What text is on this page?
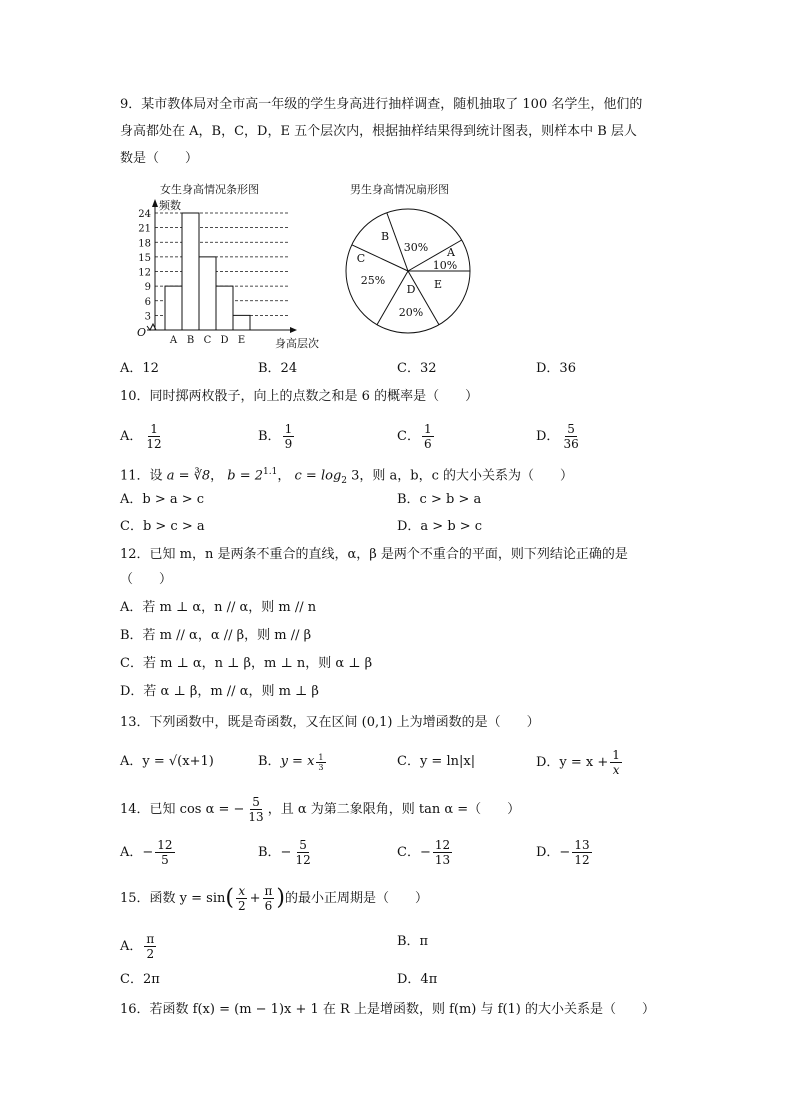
9．某市教体局对全市高一年级的学生身高进行抽样调查，随机抽取了 100 名学生，他们的
身高都处在 A，B，C，D，E 五个层次内，根据抽样结果得到统计图表，则样本中 B 层人
数是（　　）
女生身高情况条形图
O
频数
3
6
9
12
15
18
21
24
A B C D E	身高层次
男生身高情况扇形图
B
30% A
10%
C
25%
D E
20%
A．12	B．24	C．32	D．36
10．同时掷两枚骰子，向上的点数之和是 6 的概率是（　　）
A． $\frac{1}{12}$	B． $\frac{1}{9}$	C． $\frac{1}{6}$	D． $\frac{5}{36}$
11．设 a = ∛8， $b = 2^{1.1}$， $c = \log_2 3$，则 a，b，c 的大小关系为（　　）
A．b > a > c	B．c > b > a
C．b > c > a	D．a > b > c
12．已知 m，n 是两条不重合的直线，α，β 是两个不重合的平面，则下列结论正确的是
（　　）
A．若 m ⊥ α，n // α，则 m // n
B．若 m // α，α // β，则 m // β
C．若 m ⊥ α，n ⊥ β，m ⊥ n，则 α ⊥ β
D．若 α ⊥ β，m // α，则 m ⊥ β
13．下列函数中，既是奇函数，又在区间 (0,1) 上为增函数的是（　　）
A．y = √(x+1)	B．y = x $\frac{1}{3}$	C．y = ln|x|	D．$y = x + \frac{1}{x}$
14．已知 cos α = − $\frac{5}{13}$ ，且 α 为第二象限角，则 tan α =（　　）
A．− $\frac{12}{5}$	B．− $\frac{5}{12}$	C．− $\frac{12}{13}$	D．− $\frac{13}{12}$
15．函数 $y = \sin( \frac{x}{2} + \frac{\pi}{6}$ )的最小正周期是（　　）
A． $\frac{\pi}{2}$	B．π
C．2π	D．4π
16．若函数 f(x) = (m − 1)x + 1 在 R 上是增函数，则 f(m) 与 f(1) 的大小关系是（　　）
